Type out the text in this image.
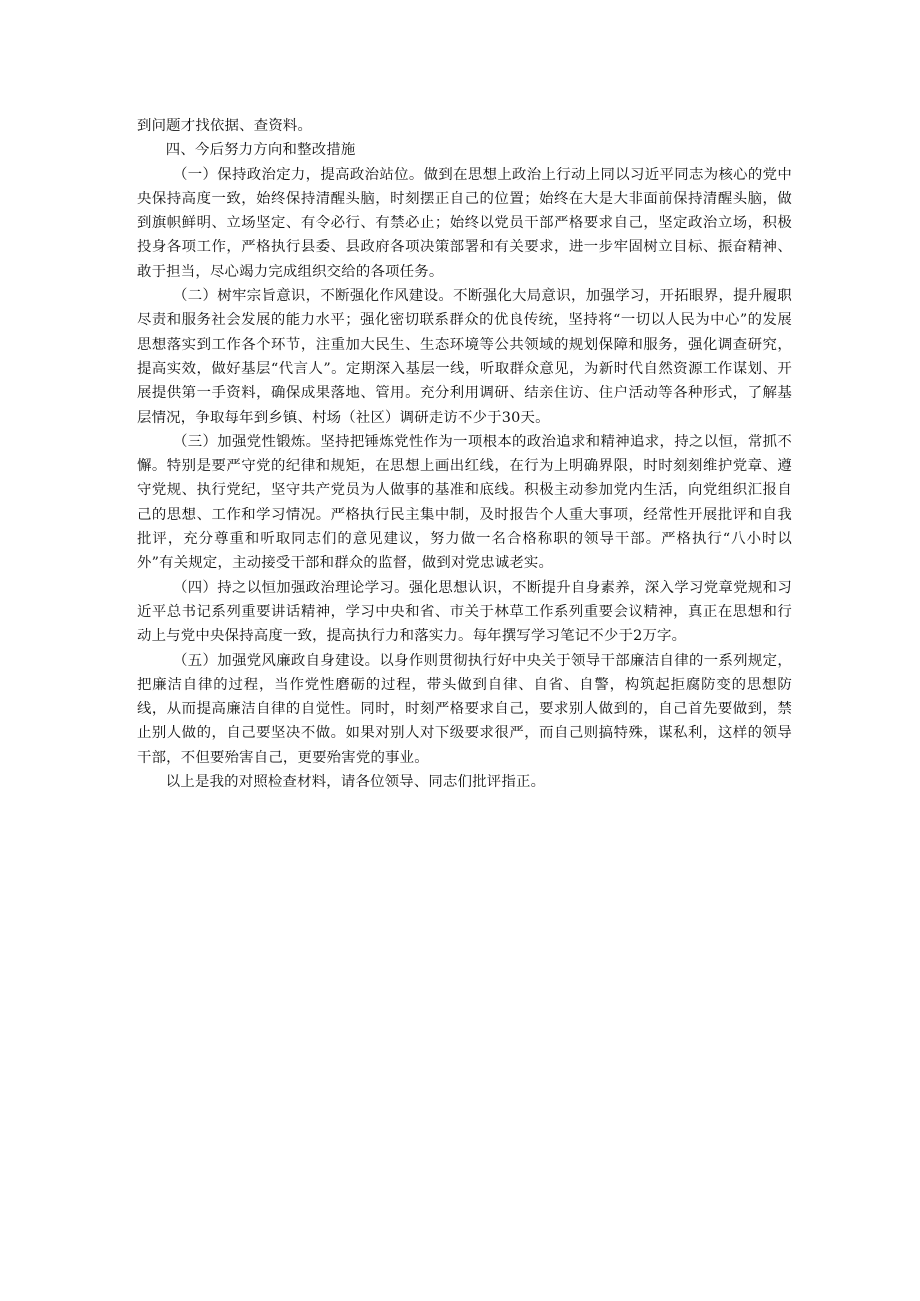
到问题才找依据、查资料。

四、今后努力方向和整改措施

（一）保持政治定力，提高政治站位。做到在思想上政治上行动上同以习近平同志为核心的党中央保持高度一致，始终保持清醒头脑，时刻摆正自己的位置；始终在大是大非面前保持清醒头脑，做到旗帜鲜明、立场坚定、有令必行、有禁必止；始终以党员干部严格要求自己，坚定政治立场，积极投身各项工作，严格执行县委、县政府各项决策部署和有关要求，进一步牢固树立目标、振奋精神、敢于担当，尽心竭力完成组织交给的各项任务。

（二）树牢宗旨意识，不断强化作风建设。不断强化大局意识，加强学习，开拓眼界，提升履职尽责和服务社会发展的能力水平；强化密切联系群众的优良传统，坚持将“一切以人民为中心”的发展思想落实到工作各个环节，注重加大民生、生态环境等公共领域的规划保障和服务，强化调查研究，提高实效，做好基层“代言人”。定期深入基层一线，听取群众意见，为新时代自然资源工作谋划、开展提供第一手资料，确保成果落地、管用。充分利用调研、结亲住访、住户活动等各种形式，了解基层情况，争取每年到乡镇、村场（社区）调研走访不少于30天。

（三）加强党性锻炼。坚持把锤炼党性作为一项根本的政治追求和精神追求，持之以恒，常抓不懈。特别是要严守党的纪律和规矩，在思想上画出红线，在行为上明确界限，时时刻刻维护党章、遵守党规、执行党纪，坚守共产党员为人做事的基准和底线。积极主动参加党内生活，向党组织汇报自己的思想、工作和学习情况。严格执行民主集中制，及时报告个人重大事项，经常性开展批评和自我批评，充分尊重和听取同志们的意见建议，努力做一名合格称职的领导干部。严格执行“八小时以外”有关规定，主动接受干部和群众的监督，做到对党忠诚老实。

（四）持之以恒加强政治理论学习。强化思想认识，不断提升自身素养，深入学习党章党规和习近平总书记系列重要讲话精神，学习中央和省、市关于林草工作系列重要会议精神，真正在思想和行动上与党中央保持高度一致，提高执行力和落实力。每年撰写学习笔记不少于2万字。

（五）加强党风廉政自身建设。以身作则贯彻执行好中央关于领导干部廉洁自律的一系列规定，把廉洁自律的过程，当作党性磨砺的过程，带头做到自律、自省、自警，构筑起拒腐防变的思想防线，从而提高廉洁自律的自觉性。同时，时刻严格要求自己，要求别人做到的，自己首先要做到，禁止别人做的，自己要坚决不做。如果对别人对下级要求很严，而自己则搞特殊，谋私利，这样的领导干部，不但要殆害自己，更要殆害党的事业。

以上是我的对照检查材料，请各位领导、同志们批评指正。
